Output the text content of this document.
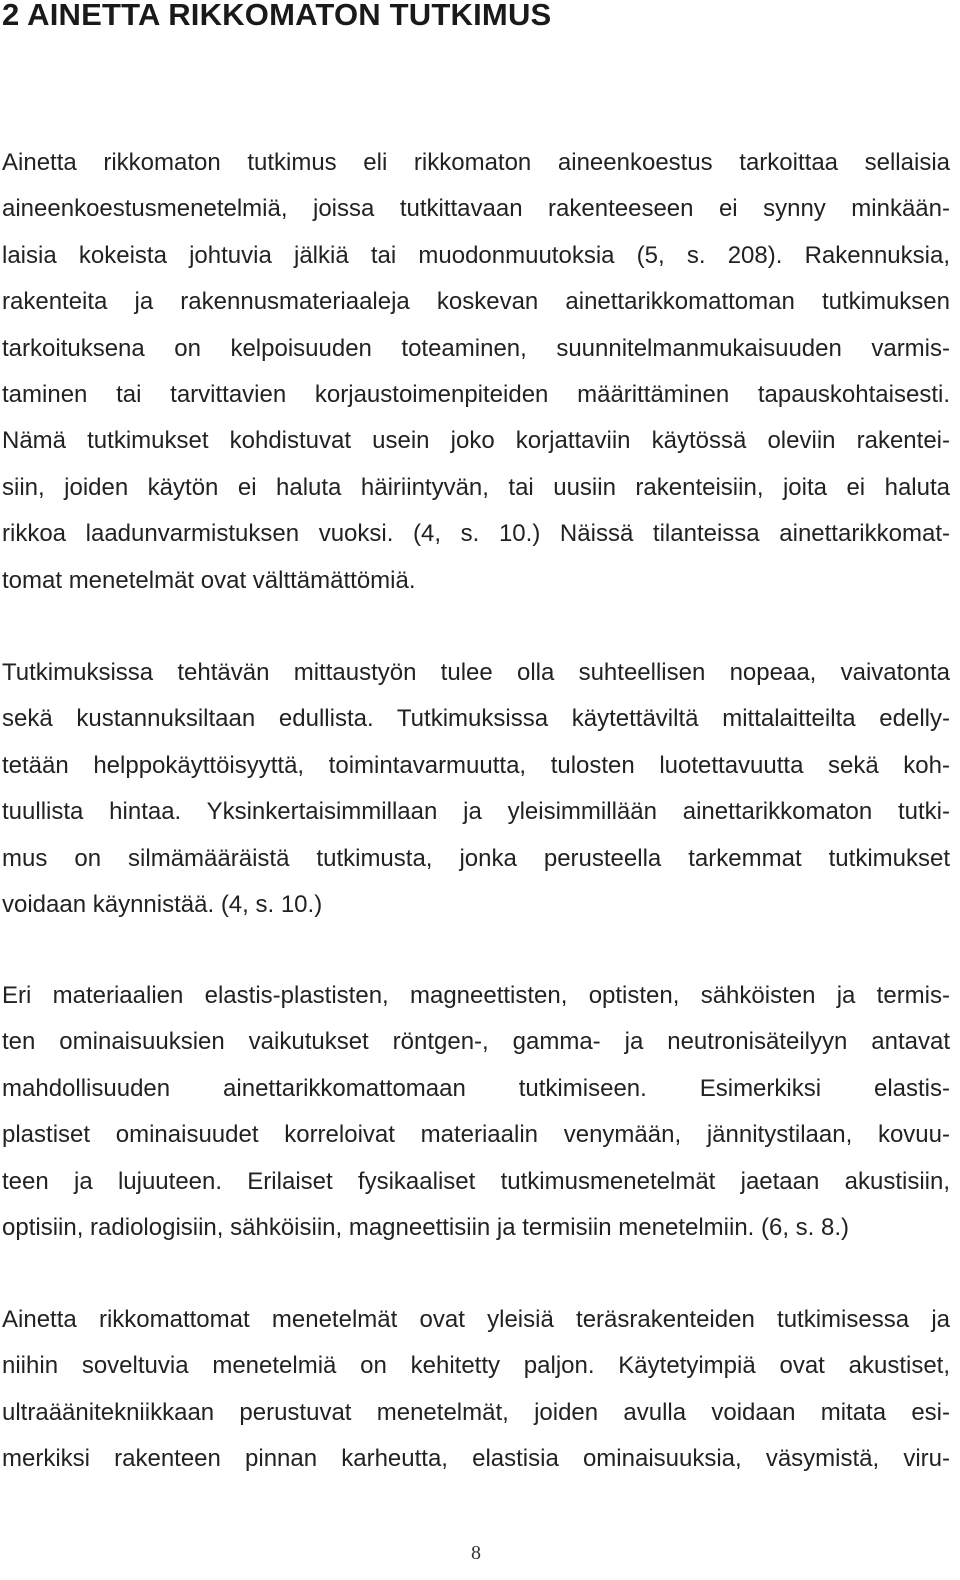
2 AINETTA RIKKOMATON TUTKIMUS
Ainetta rikkomaton tutkimus eli rikkomaton aineenkoestus tarkoittaa sellaisia
aineenkoestusmenetelmiä, joissa tutkittavaan rakenteeseen ei synny minkään-
laisia kokeista johtuvia jälkiä tai muodonmuutoksia (5, s. 208). Rakennuksia,
rakenteita ja rakennusmateriaaleja koskevan ainettarikkomattoman tutkimuksen
tarkoituksena on kelpoisuuden toteaminen, suunnitelmanmukaisuuden varmis-
taminen tai tarvittavien korjaustoimenpiteiden määrittäminen tapauskohtaisesti.
Nämä tutkimukset kohdistuvat usein joko korjattaviin käytössä oleviin rakentei-
siin, joiden käytön ei haluta häiriintyvän, tai uusiin rakenteisiin, joita ei haluta
rikkoa laadunvarmistuksen vuoksi. (4, s. 10.) Näissä tilanteissa ainettarikkomat-
tomat menetelmät ovat välttämättömiä.
Tutkimuksissa tehtävän mittaustyön tulee olla suhteellisen nopeaa, vaivatonta
sekä kustannuksiltaan edullista. Tutkimuksissa käytettäviltä mittalaitteilta edelly-
tetään helppokäyttöisyyttä, toimintavarmuutta, tulosten luotettavuutta sekä koh-
tuullista hintaa. Yksinkertaisimmillaan ja yleisimmillään ainettarikkomaton tutki-
mus on silmämääräistä tutkimusta, jonka perusteella tarkemmat tutkimukset
voidaan käynnistää. (4, s. 10.)
Eri materiaalien elastis-plastisten, magneettisten, optisten, sähköisten ja termis-
ten ominaisuuksien vaikutukset röntgen-, gamma- ja neutronisäteilyyn antavat
mahdollisuuden ainettarikkomattomaan tutkimiseen. Esimerkiksi elastis-
plastiset ominaisuudet korreloivat materiaalin venymään, jännitystilaan, kovuu-
teen ja lujuuteen. Erilaiset fysikaaliset tutkimusmenetelmät jaetaan akustisiin,
optisiin, radiologisiin, sähköisiin, magneettisiin ja termisiin menetelmiin. (6, s. 8.)
Ainetta rikkomattomat menetelmät ovat yleisiä teräsrakenteiden tutkimisessa ja
niihin soveltuvia menetelmiä on kehitetty paljon. Käytetyimpiä ovat akustiset,
ultraäänitekniikkaan perustuvat menetelmät, joiden avulla voidaan mitata esi-
merkiksi rakenteen pinnan karheutta, elastisia ominaisuuksia, väsymistä, viru-
8
